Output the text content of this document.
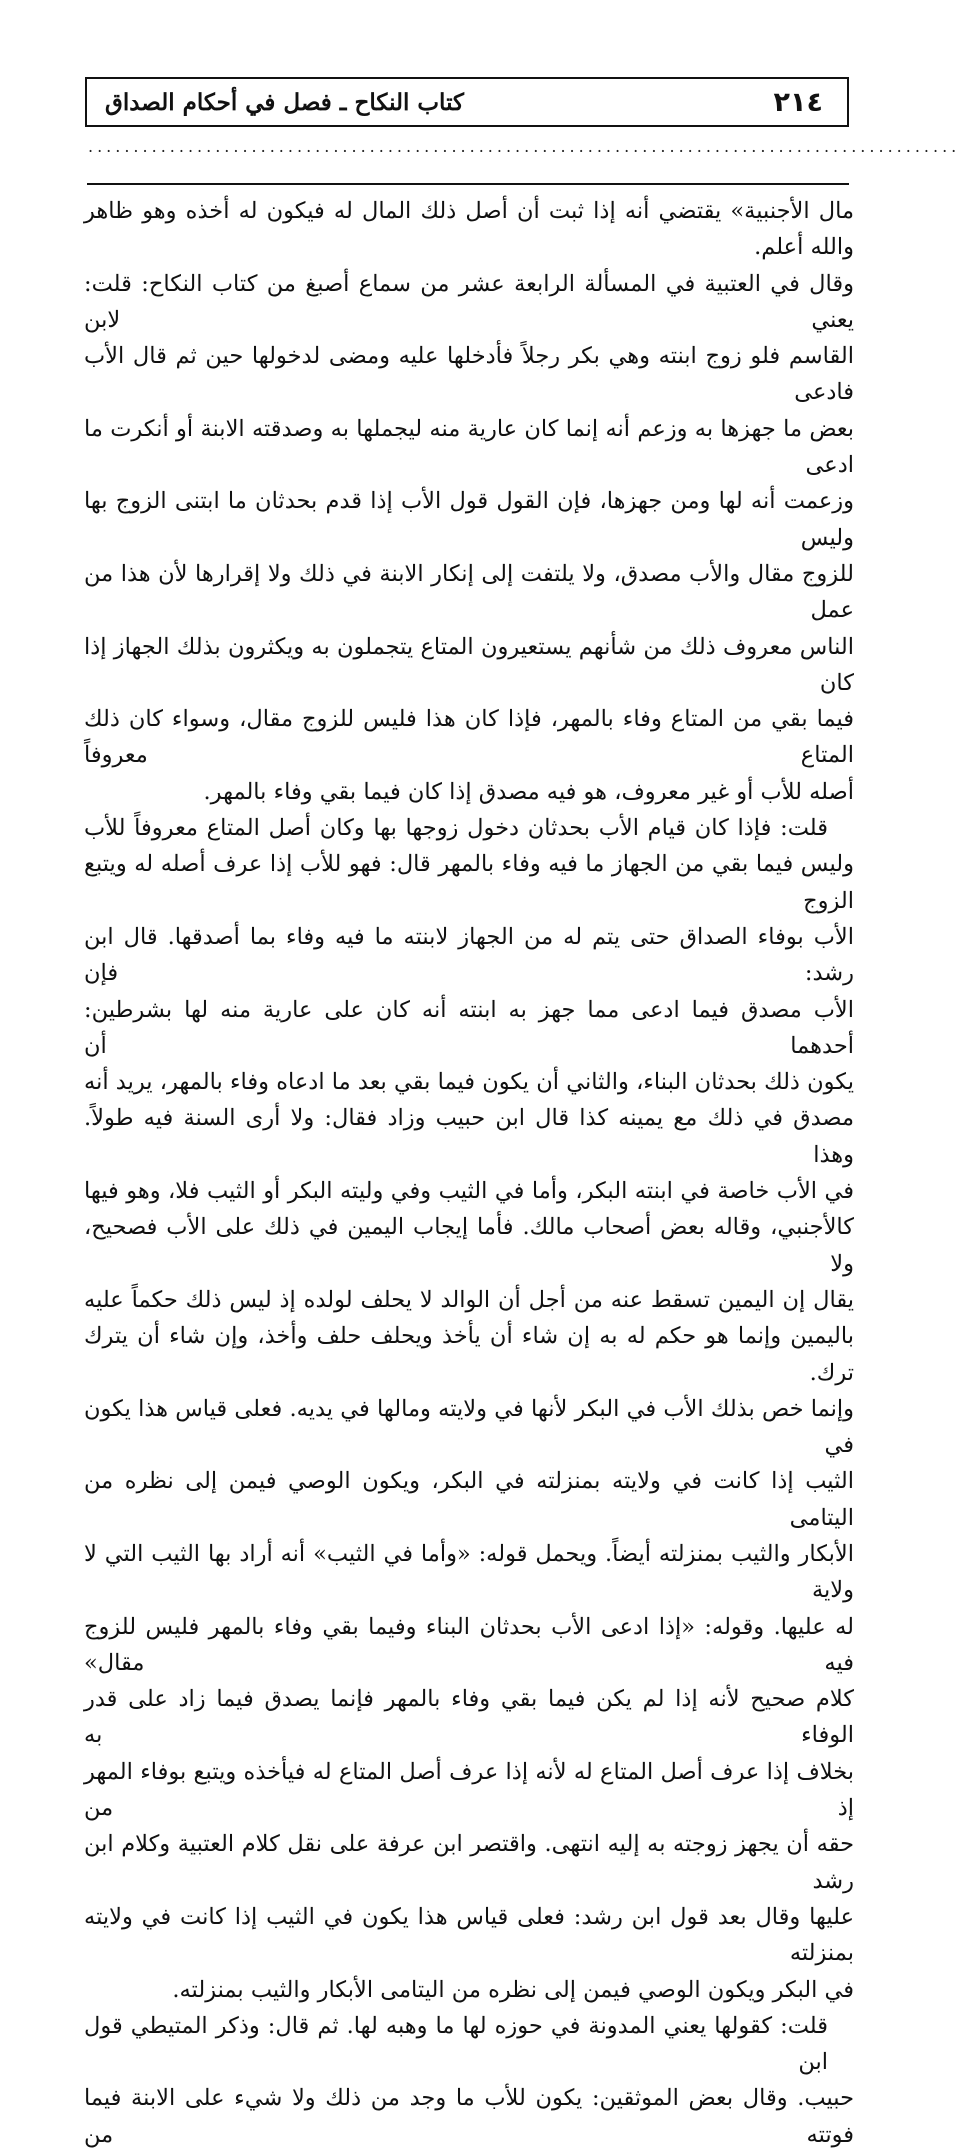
٢١٤
كتاب النكاح ـ فصل في أحكام الصداق
................................................................................................

مال الأجنبية» يقتضي أنه إذا ثبت أن أصل ذلك المال له فيكون له أخذه وهو ظاهر والله أعلم.

وقال في العتبية في المسألة الرابعة عشر من سماع أصبغ من كتاب النكاح: قلت: يعني لابن

القاسم فلو زوج ابنته وهي بكر رجلاً فأدخلها عليه ومضى لدخولها حين ثم قال الأب فادعى

بعض ما جهزها به وزعم أنه إنما كان عارية منه ليجملها به وصدقته الابنة أو أنكرت ما ادعى

وزعمت أنه لها ومن جهزها، فإن القول قول الأب إذا قدم بحدثان ما ابتنى الزوج بها وليس

للزوج مقال والأب مصدق، ولا يلتفت إلى إنكار الابنة في ذلك ولا إقرارها لأن هذا من عمل

الناس معروف ذلك من شأنهم يستعيرون المتاع يتجملون به ويكثرون بذلك الجهاز إذا كان

فيما بقي من المتاع وفاء بالمهر، فإذا كان هذا فليس للزوج مقال، وسواء كان ذلك المتاع معروفاً

أصله للأب أو غير معروف، هو فيه مصدق إذا كان فيما بقي وفاء بالمهر.

قلت: فإذا كان قيام الأب بحدثان دخول زوجها بها وكان أصل المتاع معروفاً للأب

وليس فيما بقي من الجهاز ما فيه وفاء بالمهر قال: فهو للأب إذا عرف أصله له ويتبع الزوج

الأب بوفاء الصداق حتى يتم له من الجهاز لابنته ما فيه وفاء بما أصدقها. قال ابن رشد: فإن

الأب مصدق فيما ادعى مما جهز به ابنته أنه كان على عارية منه لها بشرطين: أحدهما أن

يكون ذلك بحدثان البناء، والثاني أن يكون فيما بقي بعد ما ادعاه وفاء بالمهر، يريد أنه

مصدق في ذلك مع يمينه كذا قال ابن حبيب وزاد فقال: ولا أرى السنة فيه طولاً. وهذا

في الأب خاصة في ابنته البكر، وأما في الثيب وفي وليته البكر أو الثيب فلا، وهو فيها

كالأجنبي، وقاله بعض أصحاب مالك. فأما إيجاب اليمين في ذلك على الأب فصحيح، ولا

يقال إن اليمين تسقط عنه من أجل أن الوالد لا يحلف لولده إذ ليس ذلك حكماً عليه

باليمين وإنما هو حكم له به إن شاء أن يأخذ ويحلف حلف وأخذ، وإن شاء أن يترك ترك.

وإنما خص بذلك الأب في البكر لأنها في ولايته ومالها في يديه. فعلى قياس هذا يكون في

الثيب إذا كانت في ولايته بمنزلته في البكر، ويكون الوصي فيمن إلى نظره من اليتامى

الأبكار والثيب بمنزلته أيضاً. ويحمل قوله: «وأما في الثيب» أنه أراد بها الثيب التي لا ولاية

له عليها. وقوله: «إذا ادعى الأب بحدثان البناء وفيما بقي وفاء بالمهر فليس للزوج فيه مقال»

كلام صحيح لأنه إذا لم يكن فيما بقي وفاء بالمهر فإنما يصدق فيما زاد على قدر الوفاء به

بخلاف إذا عرف أصل المتاع له لأنه إذا عرف أصل المتاع له فيأخذه ويتبع بوفاء المهر إذ من

حقه أن يجهز زوجته به إليه انتهى. واقتصر ابن عرفة على نقل كلام العتبية وكلام ابن رشد

عليها وقال بعد قول ابن رشد: فعلى قياس هذا يكون في الثيب إذا كانت في ولايته بمنزلته

في البكر ويكون الوصي فيمن إلى نظره من اليتامى الأبكار والثيب بمنزلته.

قلت: كقولها يعني المدونة في حوزه لها ما وهبه لها. ثم قال: وذكر المتيطي قول ابن

حبيب. وقال بعض الموثقين: يكون للأب ما وجد من ذلك ولا شيء على الابنة فيما فوتته من
